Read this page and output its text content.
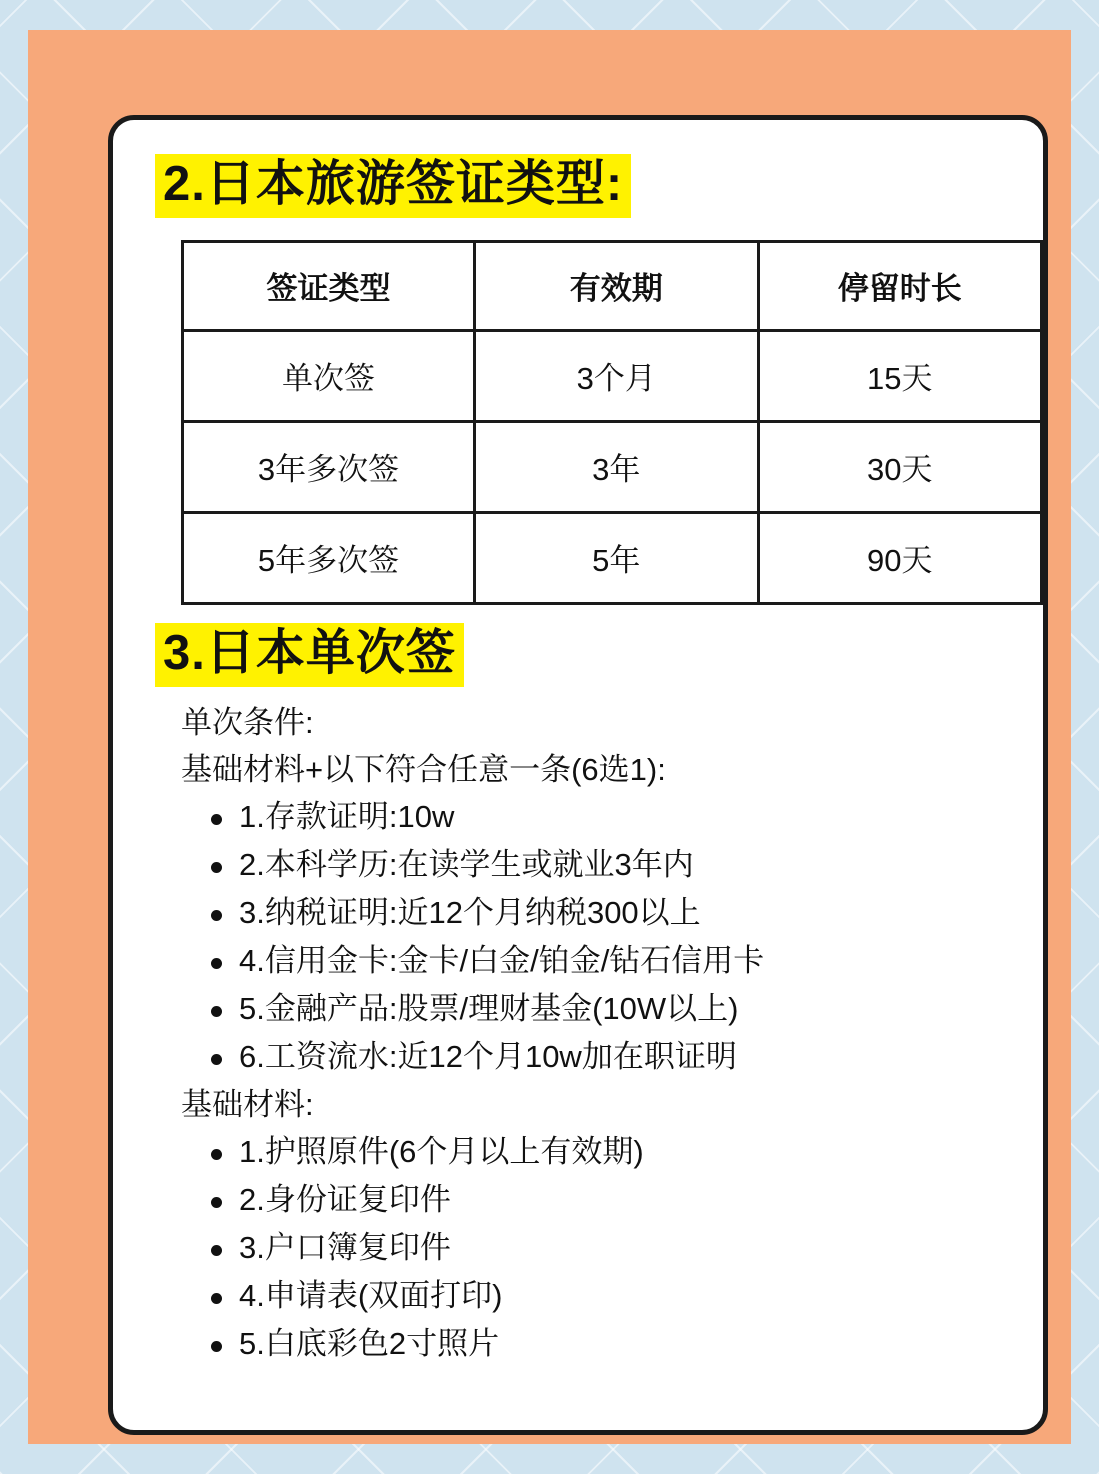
2.日本旅游签证类型:
签证类型	有效期	停留时长
单次签	3个月	15天
3年多次签	3年	30天
5年多次签	5年	90天
3.日本单次签
单次条件:
基础材料+以下符合任意一条(6选1):
1.存款证明:10w
2.本科学历:在读学生或就业3年内
3.纳税证明:近12个月纳税300以上
4.信用金卡:金卡/白金/铂金/钻石信用卡
5.金融产品:股票/理财基金(10W以上)
6.工资流水:近12个月10w加在职证明
基础材料:
1.护照原件(6个月以上有效期)
2.身份证复印件
3.户口簿复印件
4.申请表(双面打印)
5.白底彩色2寸照片
